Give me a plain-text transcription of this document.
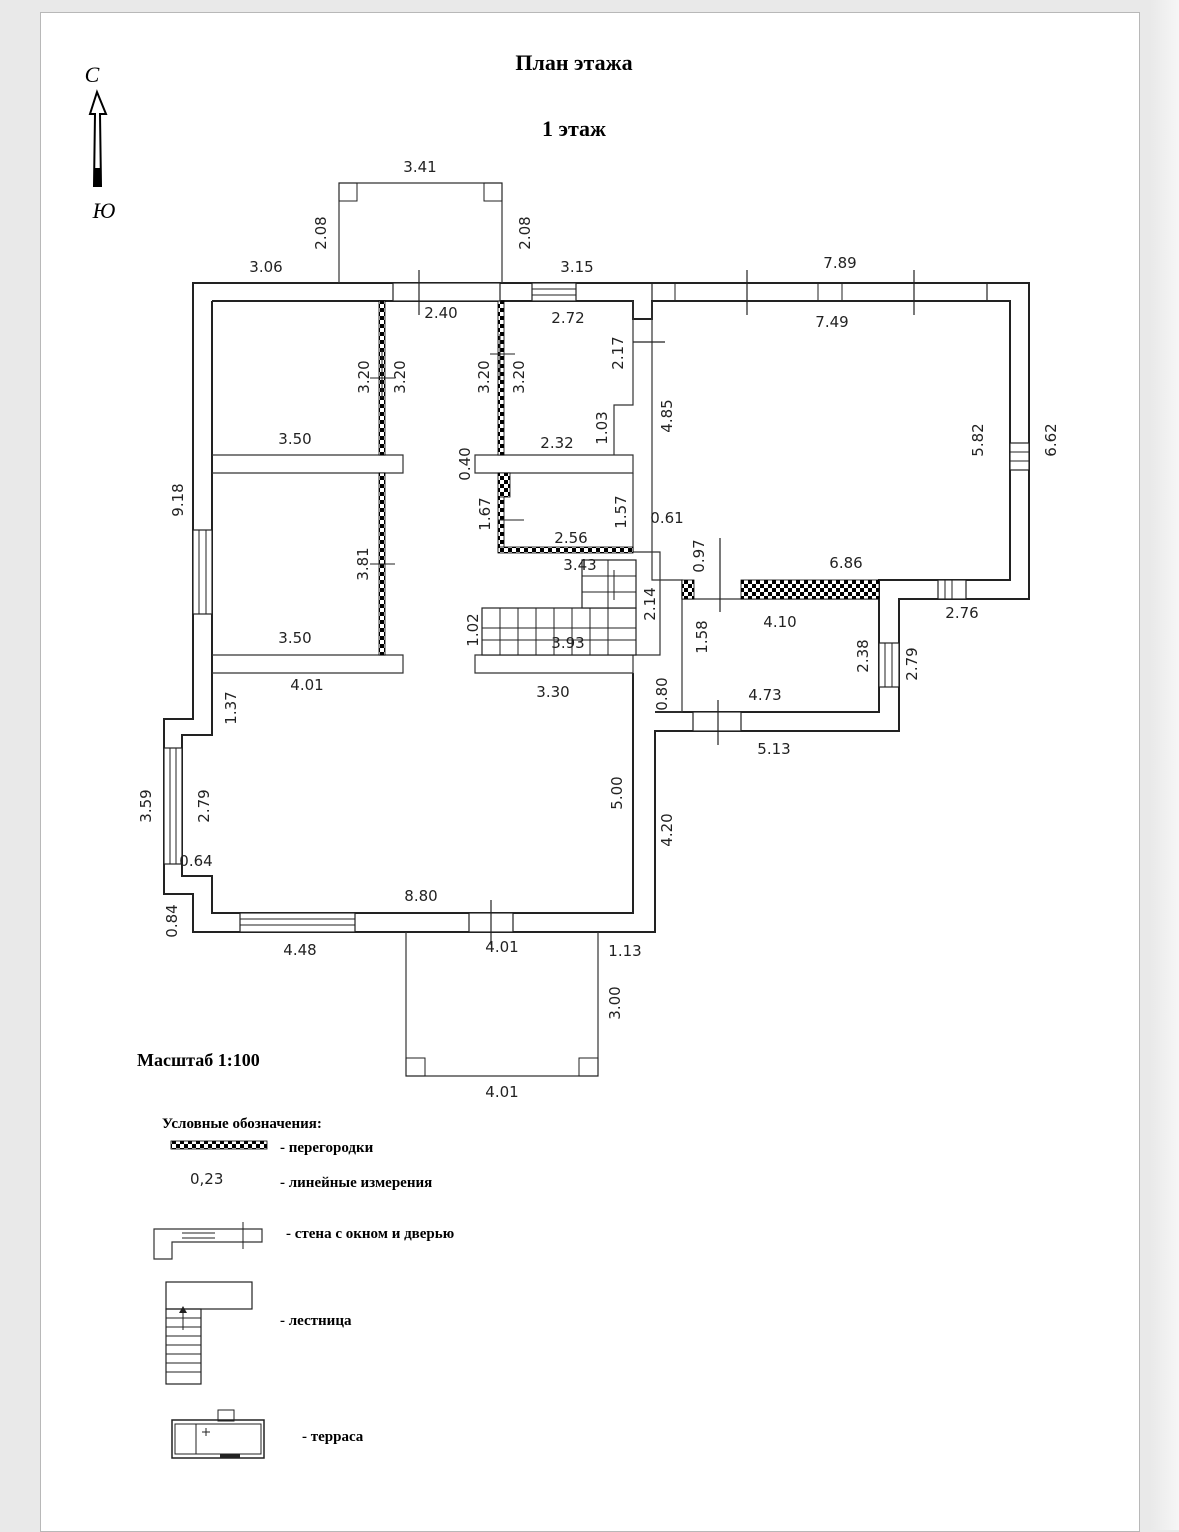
План этажа
1 этаж
С
Ю
3.41
2.08	2.08
3.06	3.15	7.89
2.40	2.72	7.49
2.17
3.20 3.20	3.20 3.20
1.03
3.50	2.32
4.85
5.82	6.62
0.40
9.18	1.67	1.57 0.61
2.56
3.43	0.97	6.86
3.81
2.14
4.10	2.76
1.02	3.93	1.58
2.38 2.79
3.50
4.01	3.30	0.80	4.73
1.37
5.13
3.59	2.79	5.00
4.20
0.64
8.80
0.84
4.48	4.01	1.13
3.00
4.01
Масштаб 1:100
Условные обозначения:
- перегородки
0,23	- линейные измерения
- стена с окном и дверью
- лестница
- терраса
